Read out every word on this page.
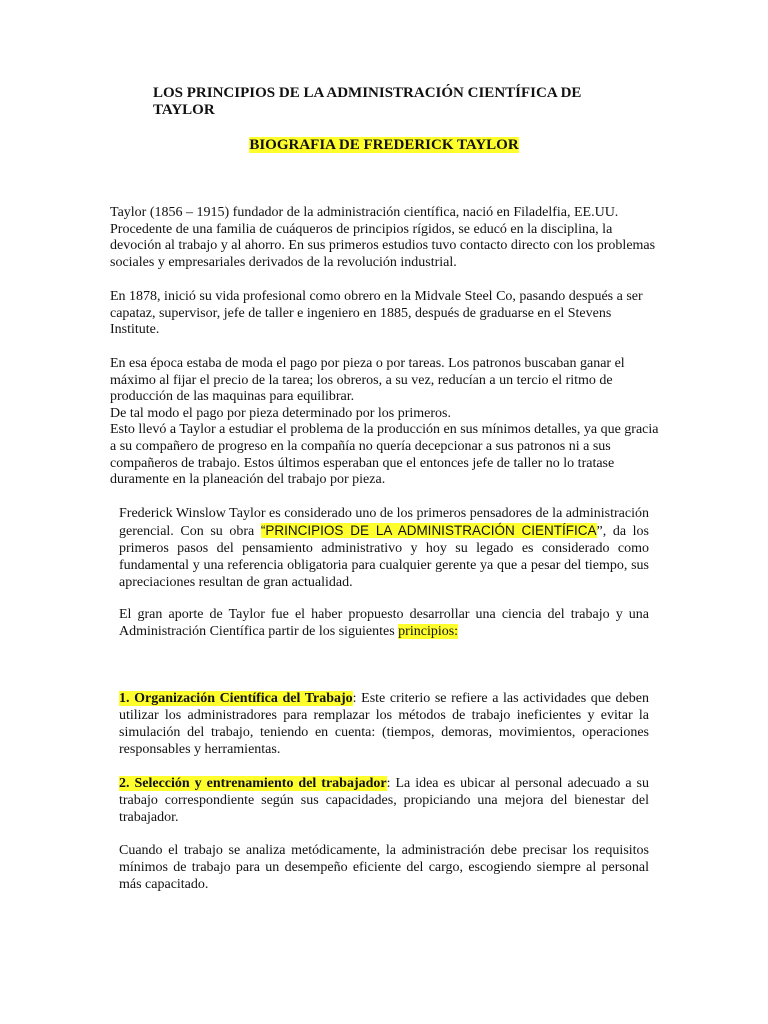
LOS PRINCIPIOS DE LA ADMINISTRACIÓN CIENTÍFICA DE TAYLOR
BIOGRAFIA DE FREDERICK TAYLOR

Taylor (1856 – 1915) fundador de la administración científica, nació en Filadelfia, EE.UU. Procedente de una familia de cuáqueros de principios rígidos, se educó en la disciplina, la devoción al trabajo y al ahorro. En sus primeros estudios tuvo contacto directo con los problemas sociales y empresariales derivados de la revolución industrial.

En 1878, inició su vida profesional como obrero en la Midvale Steel Co, pasando después a ser capataz, supervisor, jefe de taller e ingeniero en 1885, después de graduarse en el Stevens Institute.

En esa época estaba de moda el pago por pieza o por tareas. Los patronos buscaban ganar el máximo al fijar el precio de la tarea; los obreros, a su vez, reducían a un tercio el ritmo de producción de las maquinas para equilibrar.
De tal modo el pago por pieza determinado por los primeros.
Esto llevó a Taylor a estudiar el problema de la producción en sus mínimos detalles, ya que gracia a su compañero de progreso en la compañía no quería decepcionar a sus patronos ni a sus compañeros de trabajo. Estos últimos esperaban que el entonces jefe de taller no lo tratase duramente en la planeación del trabajo por pieza.

Frederick Winslow Taylor es considerado uno de los primeros pensadores de la administración gerencial. Con su obra “PRINCIPIOS DE LA ADMINISTRACIÓN CIENTÍFICA”, da los primeros pasos del pensamiento administrativo y hoy su legado es considerado como fundamental y una referencia obligatoria para cualquier gerente ya que a pesar del tiempo, sus apreciaciones resultan de gran actualidad.

El gran aporte de Taylor fue el haber propuesto desarrollar una ciencia del trabajo y una Administración Científica partir de los siguientes principios:

1. Organización Científica del Trabajo: Este criterio se refiere a las actividades que deben utilizar los administradores para remplazar los métodos de trabajo ineficientes y evitar la simulación del trabajo, teniendo en cuenta: (tiempos, demoras, movimientos, operaciones responsables y herramientas.

2. Selección y entrenamiento del trabajador: La idea es ubicar al personal adecuado a su trabajo correspondiente según sus capacidades, propiciando una mejora del bienestar del trabajador.

Cuando el trabajo se analiza metódicamente, la administración debe precisar los requisitos mínimos de trabajo para un desempeño eficiente del cargo, escogiendo siempre al personal más capacitado.
